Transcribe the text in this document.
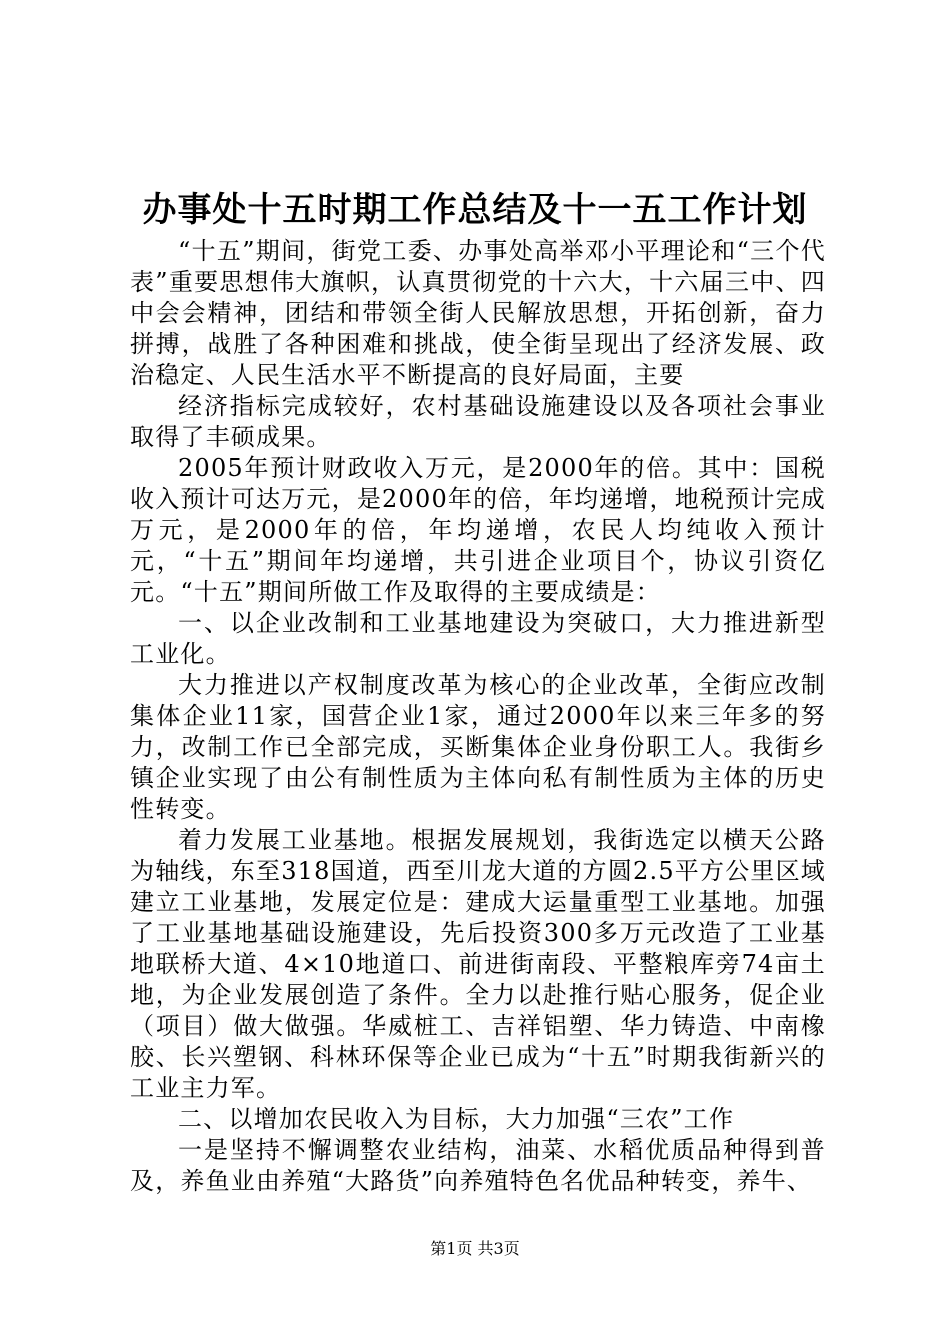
办事处十五时期工作总结及十一五工作计划

“十五”期间，街党工委、办事处高举邓小平理论和“三个代表”重要思想伟大旗帜，认真贯彻党的十六大，十六届三中、四中会会精神，团结和带领全街人民解放思想，开拓创新，奋力拼搏，战胜了各种困难和挑战，使全街呈现出了经济发展、政治稳定、人民生活水平不断提高的良好局面，主要

经济指标完成较好，农村基础设施建设以及各项社会事业取得了丰硕成果。

2005年预计财政收入万元，是2000年的倍。其中：国税收入预计可达万元，是2000年的倍，年均递增，地税预计完成万元，是2000年的倍，年均递增，农民人均纯收入预计元，“十五”期间年均递增，共引进企业项目个，协议引资亿元。“十五”期间所做工作及取得的主要成绩是：

一、以企业改制和工业基地建设为突破口，大力推进新型工业化。

大力推进以产权制度改革为核心的企业改革，全街应改制集体企业11家，国营企业1家，通过2000年以来三年多的努力，改制工作已全部完成，买断集体企业身份职工人。我街乡镇企业实现了由公有制性质为主体向私有制性质为主体的历史性转变。

着力发展工业基地。根据发展规划，我街选定以横天公路为轴线，东至318国道，西至川龙大道的方圆2.5平方公里区域建立工业基地，发展定位是：建成大运量重型工业基地。加强了工业基地基础设施建设，先后投资300多万元改造了工业基地联桥大道、4×10地道口、前进街南段、平整粮库旁74亩土地，为企业发展创造了条件。全力以赴推行贴心服务，促企业（项目）做大做强。华威桩工、吉祥铝塑、华力铸造、中南橡胶、长兴塑钢、科林环保等企业已成为“十五”时期我街新兴的工业主力军。

二、以增加农民收入为目标，大力加强“三农”工作

一是坚持不懈调整农业结构，油菜、水稻优质品种得到普及，养鱼业由养殖“大路货”向养殖特色名优品种转变，养牛、

第1页 共3页
